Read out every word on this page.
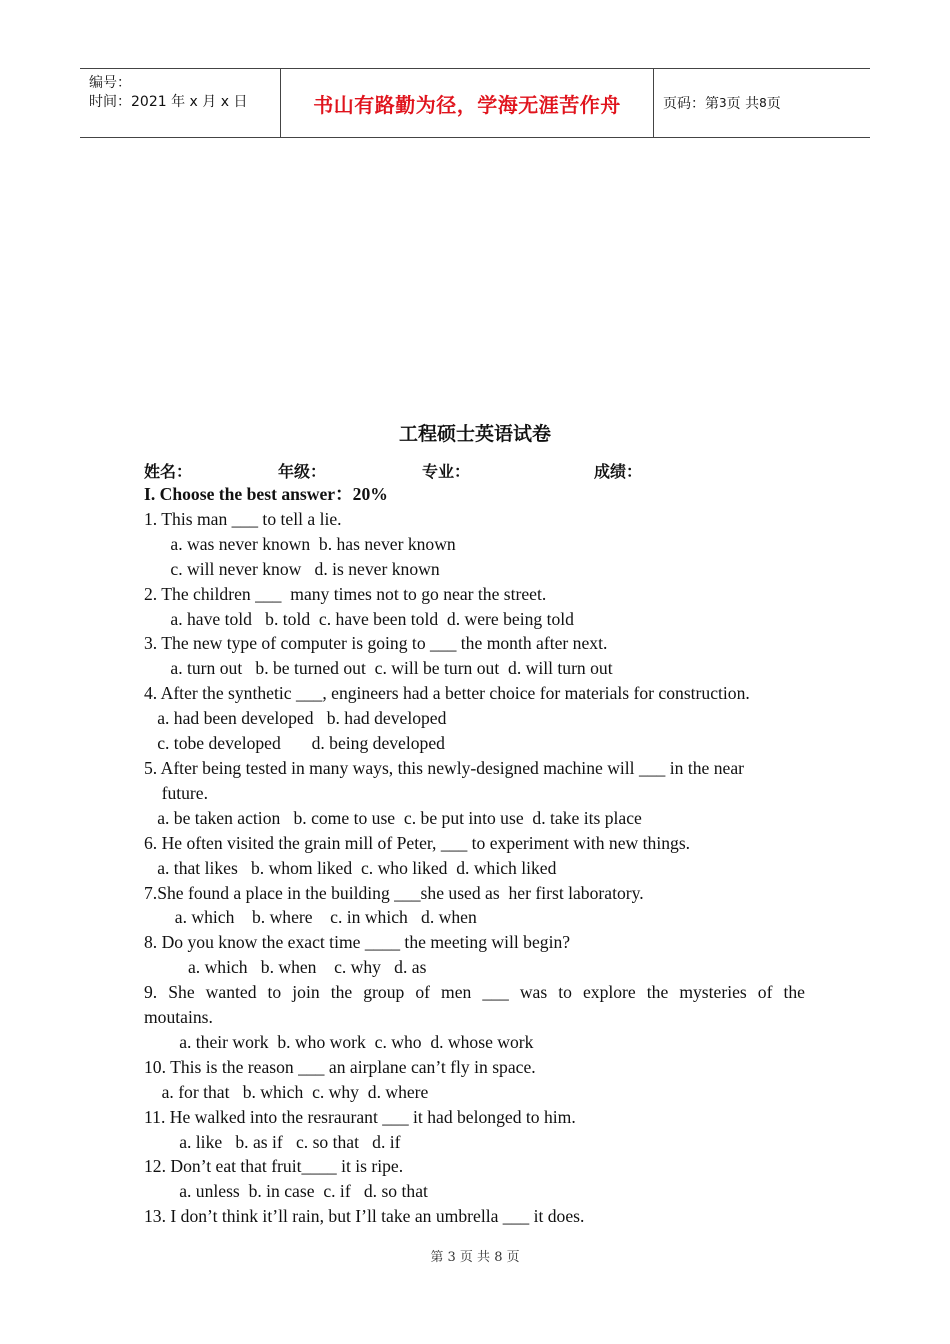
编号：
时间：2021 年 x 月 x 日	书山有路勤为径，学海无涯苦作舟	页码：第 3 页 共 8 页
工程硕士英语试卷
姓名：	年级：	专业：	成绩：
I. Choose the best answer：20%
1. This man ___ to tell a lie.
a. was never known  b. has never known
c. will never know   d. is never known
2. The children ___  many times not to go near the street.
a. have told   b. told  c. have been told  d. were being told
3. The new type of computer is going to ___ the month after next.
a. turn out   b. be turned out  c. will be turn out  d. will turn out
4. After the synthetic ___, engineers had a better choice for materials for construction.
a. had been developed   b. had developed
c. tobe developed       d. being developed
5. After being tested in many ways, this newly-designed machine will ___ in the near
future.
a. be taken action   b. come to use  c. be put into use  d. take its place
6. He often visited the grain mill of Peter, ___ to experiment with new things.
a. that likes   b. whom liked  c. who liked  d. which liked
7.She found a place in the building ___she used as  her first laboratory.
a. which    b. where    c. in which   d. when
8. Do you know the exact time ____ the meeting will begin?
a. which   b. when    c. why   d. as
9. She wanted to join the group of men ___ was to explore the mysteries of the
moutains.
a. their work  b. who work  c. who  d. whose work
10. This is the reason ___ an airplane can’t fly in space.
a. for that   b. which  c. why  d. where
11. He walked into the resraurant ___ it had belonged to him.
a. like   b. as if   c. so that   d. if
12. Don’t eat that fruit____ it is ripe.
a. unless  b. in case  c. if   d. so that
13. I don’t think it’ll rain, but I’ll take an umbrella ___ it does.
第 3 页 共 8 页
